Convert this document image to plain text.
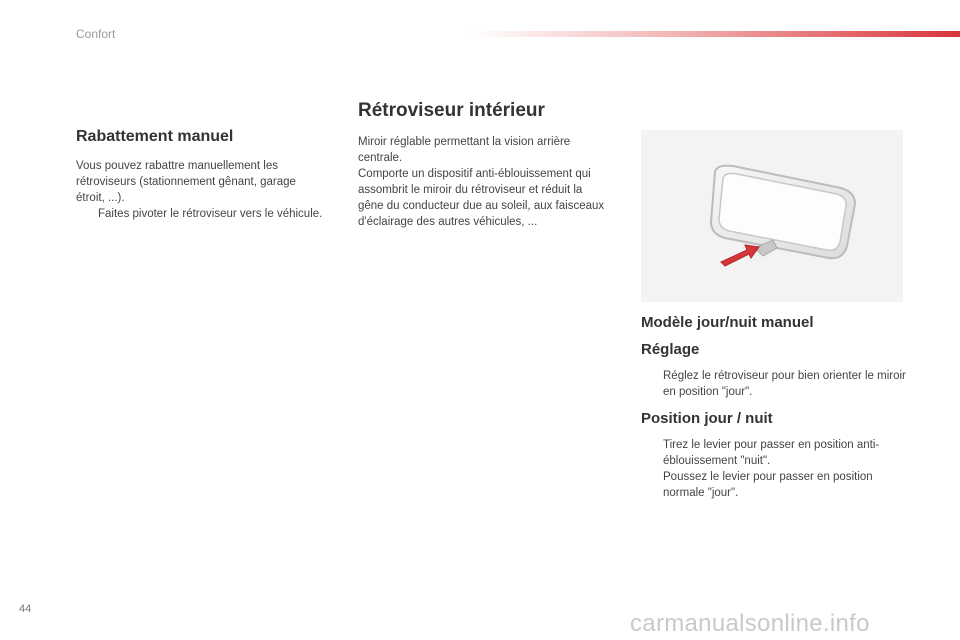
Confort
Rabattement manuel

Vous pouvez rabattre manuellement les rétroviseurs (stationnement gênant, garage étroit, ...).

Faites pivoter le rétroviseur vers le véhicule.
Rétroviseur intérieur

Miroir réglable permettant la vision arrière centrale.

Comporte un dispositif anti-éblouissement qui assombrit le miroir du rétroviseur et réduit la gêne du conducteur due au soleil, aux faisceaux d'éclairage des autres véhicules, ...

Modèle jour/nuit manuel
Réglage
Réglez le rétroviseur pour bien orienter le miroir en position "jour".
Position jour / nuit
Tirez le levier pour passer en position anti-éblouissement "nuit".
Poussez le levier pour passer en position normale "jour".
44
carmanualsonline.info
